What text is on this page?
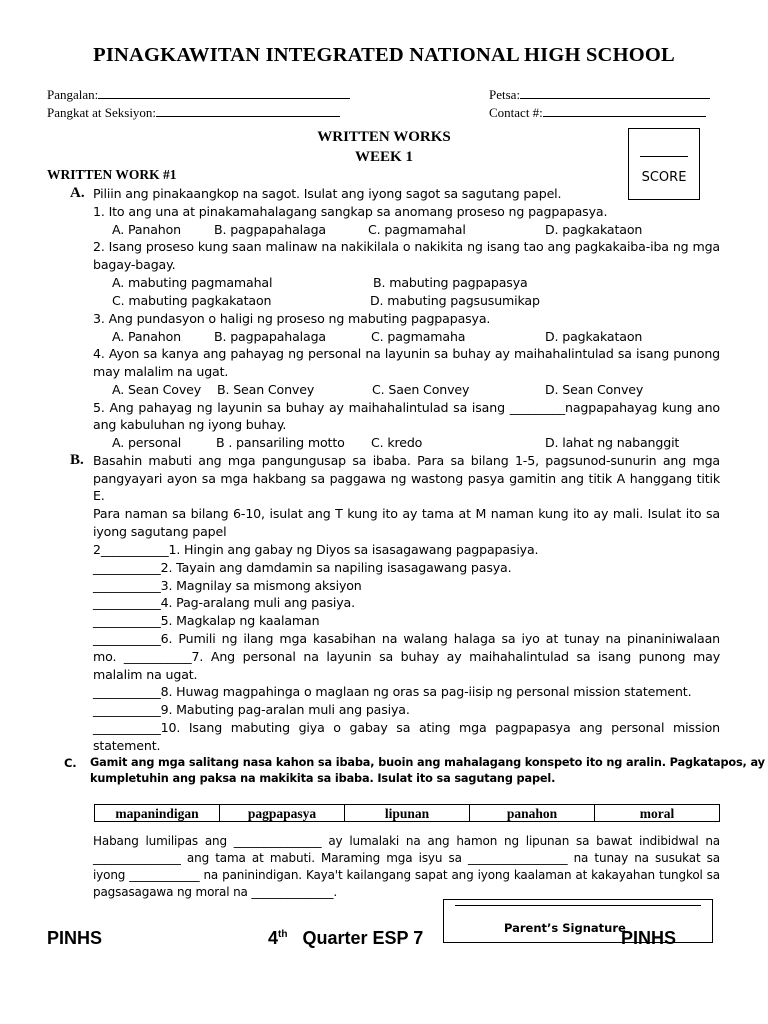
PINAGKAWITAN INTEGRATED NATIONAL HIGH SCHOOL
Pangalan:
Pangkat at Seksiyon:
Petsa:
Contact #:
WRITTEN WORKS
WEEK 1
SCORE
WRITTEN WORK #1
A. Piliin ang pinakaangkop na sagot. Isulat ang iyong sagot sa sagutang papel.
1. Ito ang una at pinakamahalagang sangkap sa anomang proseso ng pagpapasya.
A. Panahon	B. pagpapahalaga	C. pagmamahal	D. pagkakataon
2. Isang proseso kung saan malinaw na nakikilala o nakikita ng isang tao ang pagkakaiba-iba ng mga
bagay-bagay.
A. mabuting pagmamahal	B. mabuting pagpapasya
C. mabuting pagkakataon	D. mabuting pagsusumikap
3. Ang pundasyon o haligi ng proseso ng mabuting pagpapasya.
A. Panahon	B. pagpapahalaga	C. pagmamaha	D. pagkakataon
4. Ayon sa kanya ang pahayag ng personal na layunin sa buhay ay maihahalintulad sa isang punong
may malalim na ugat.
A. Sean Covey B. Sean Convey	C. Saen Convey	D. Sean Convey
5. Ang pahayag ng layunin sa buhay ay maihahalintulad sa isang _________nagpapahayag kung ano
ang kabuluhan ng iyong buhay.
A. personal	B . pansariling motto C. kredo	D. lahat ng nabanggit
B. Basahin mabuti ang mga pangungusap sa ibaba. Para sa bilang 1-5, pagsunod-sunurin ang mga
pangyayari ayon sa mga hakbang sa paggawa ng wastong pasya gamitin ang titik A hanggang titik
E.
Para naman sa bilang 6-10, isulat ang T kung ito ay tama at M naman kung ito ay mali. Isulat ito sa
iyong sagutang papel
2___________1. Hingin ang gabay ng Diyos sa isasagawang pagpapasiya.
___________2. Tayain ang damdamin sa napiling isasagawang pasya.
___________3. Magnilay sa mismong aksiyon
___________4. Pag-aralang muli ang pasiya.
___________5. Magkalap ng kaalaman
___________6. Pumili ng ilang mga kasabihan na walang halaga sa iyo at tunay na pinaniniwalaan
mo. ___________7. Ang personal na layunin sa buhay ay maihahalintulad sa isang punong may
malalim na ugat.
___________8. Huwag magpahinga o maglaan ng oras sa pag-iisip ng personal mission statement.
___________9. Mabuting pag-aralan muli ang pasiya.
___________10. Isang mabuting giya o gabay sa ating mga pagpapasya ang personal mission
statement.
C. Gamit ang mga salitang nasa kahon sa ibaba, buoin ang mahalagang konspeto ito ng aralin. Pagkatapos, ay
kumpletuhin ang paksa na makikita sa ibaba. Isulat ito sa sagutang papel.
mapanindigan	pagpapasya	lipunan	panahon	moral
Habang lumilipas ang _______________ ay lumalaki na ang hamon ng lipunan sa bawat indibidwal na
_______________ ang tama at mabuti. Maraming mga isyu sa _________________ na tunay na susukat sa
iyong ____________ na paninindigan. Kaya't kailangang sapat ang iyong kaalaman at kakayahan tungkol sa
pagsasagawa ng moral na ______________.
Parent’s Signature
PINHS	4th Quarter ESP 7	PINHS
